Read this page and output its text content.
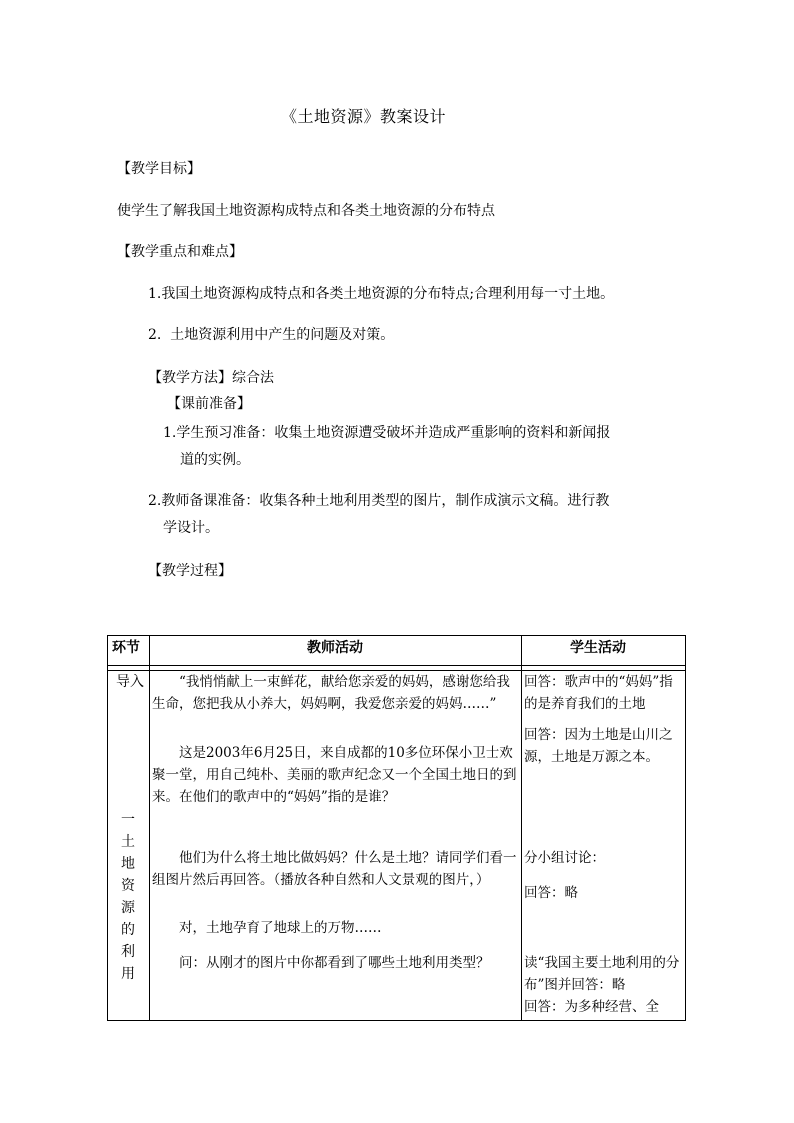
《土地资源》教案设计
【教学目标】
使学生了解我国土地资源构成特点和各类土地资源的分布特点
【教学重点和难点】
1.我国土地资源构成特点和各类土地资源的分布特点;合理利用每一寸土地。
2.  土地资源利用中产生的问题及对策。
【教学方法】综合法
【课前准备】
1.学生预习准备：收集土地资源遭受破坏并造成严重影响的资料和新闻报
道的实例。
2.教师备课准备：收集各种土地利用类型的图片，制作成演示文稿。进行教
学设计。
【教学过程】
环节	教师活动	学生活动
导入
一
土
地
资
源
的
利
用

“我悄悄献上一束鲜花，献给您亲爱的妈妈，感谢您给我生命，您把我从小养大，妈妈啊，我爱您亲爱的妈妈……”

这是2003年6月25日，来自成都的10多位环保小卫士欢聚一堂，用自己纯朴、美丽的歌声纪念又一个全国土地日的到来。在他们的歌声中的“妈妈”指的是谁？

他们为什么将土地比做妈妈？什么是土地？请同学们看一组图片然后再回答。（播放各种自然和人文景观的图片，）

对，土地孕育了地球上的万物……

问：从刚才的图片中你都看到了哪些土地利用类型？

回答：歌声中的“妈妈”指的是养育我们的土地

回答：因为土地是山川之源，土地是万源之本。

分小组讨论：

回答：略

读“我国主要土地利用的分布”图并回答：略

回答：为多种经营、全
